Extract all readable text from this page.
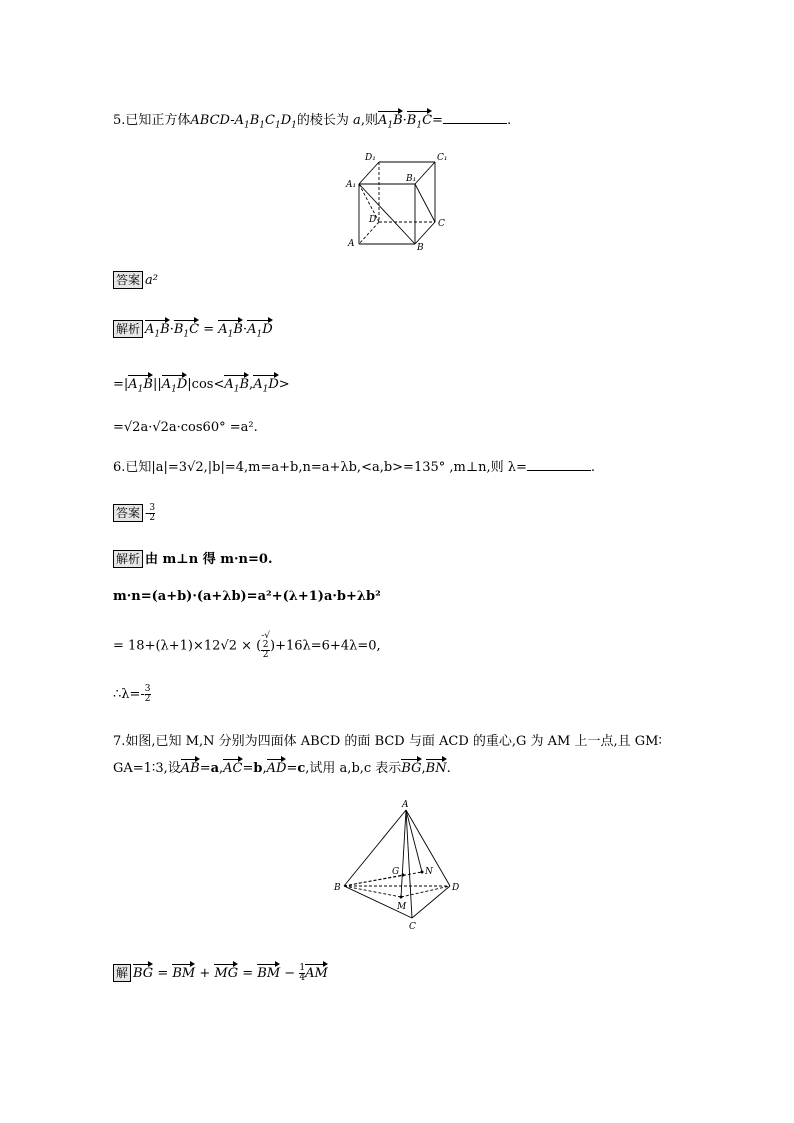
5.已知正方体ABCD-$A_1B_1C_1D_1$的棱长为 a,则$A_1B\cdot B_1C=$	.
D₁	C₁
A₁
B₁
D	C
A	B
答案 a²
解析 $A_1B\cdot B_1C = A_1B\cdot A_1D$
$=|A_1B||A_1D|\cos<A_1B,A_1D>$
=√2a·√2a·cos60° =a².
6.已知|a|=3√2,|b|=4,m=a+b,n=a+λb,<a,b>=135° ,m⊥n,则 λ=	.
答案 - $\frac{3}{2}$
解析 由 m⊥n 得 m·n=0.
m·n=(a+b)·(a+λb)=a²+(λ+1)a·b+λb²
= 18+(λ+1)×12√2 × (-√
2
2
)+16λ=6+4λ=0,
∴λ=- $\frac{3}{2}$
7.如图,已知 M,N 分别为四面体 ABCD 的面 BCD 与面 ACD 的重心,G 为 AM 上一点,且 GM∶
GA=1∶3,设AB=a,AC=b,AD=c,试用 a,b,c 表示BG,BN.
A
B
C
D
G	N
M
解 BG = BM + MG = BM − $\frac{1}{4}$ AM
